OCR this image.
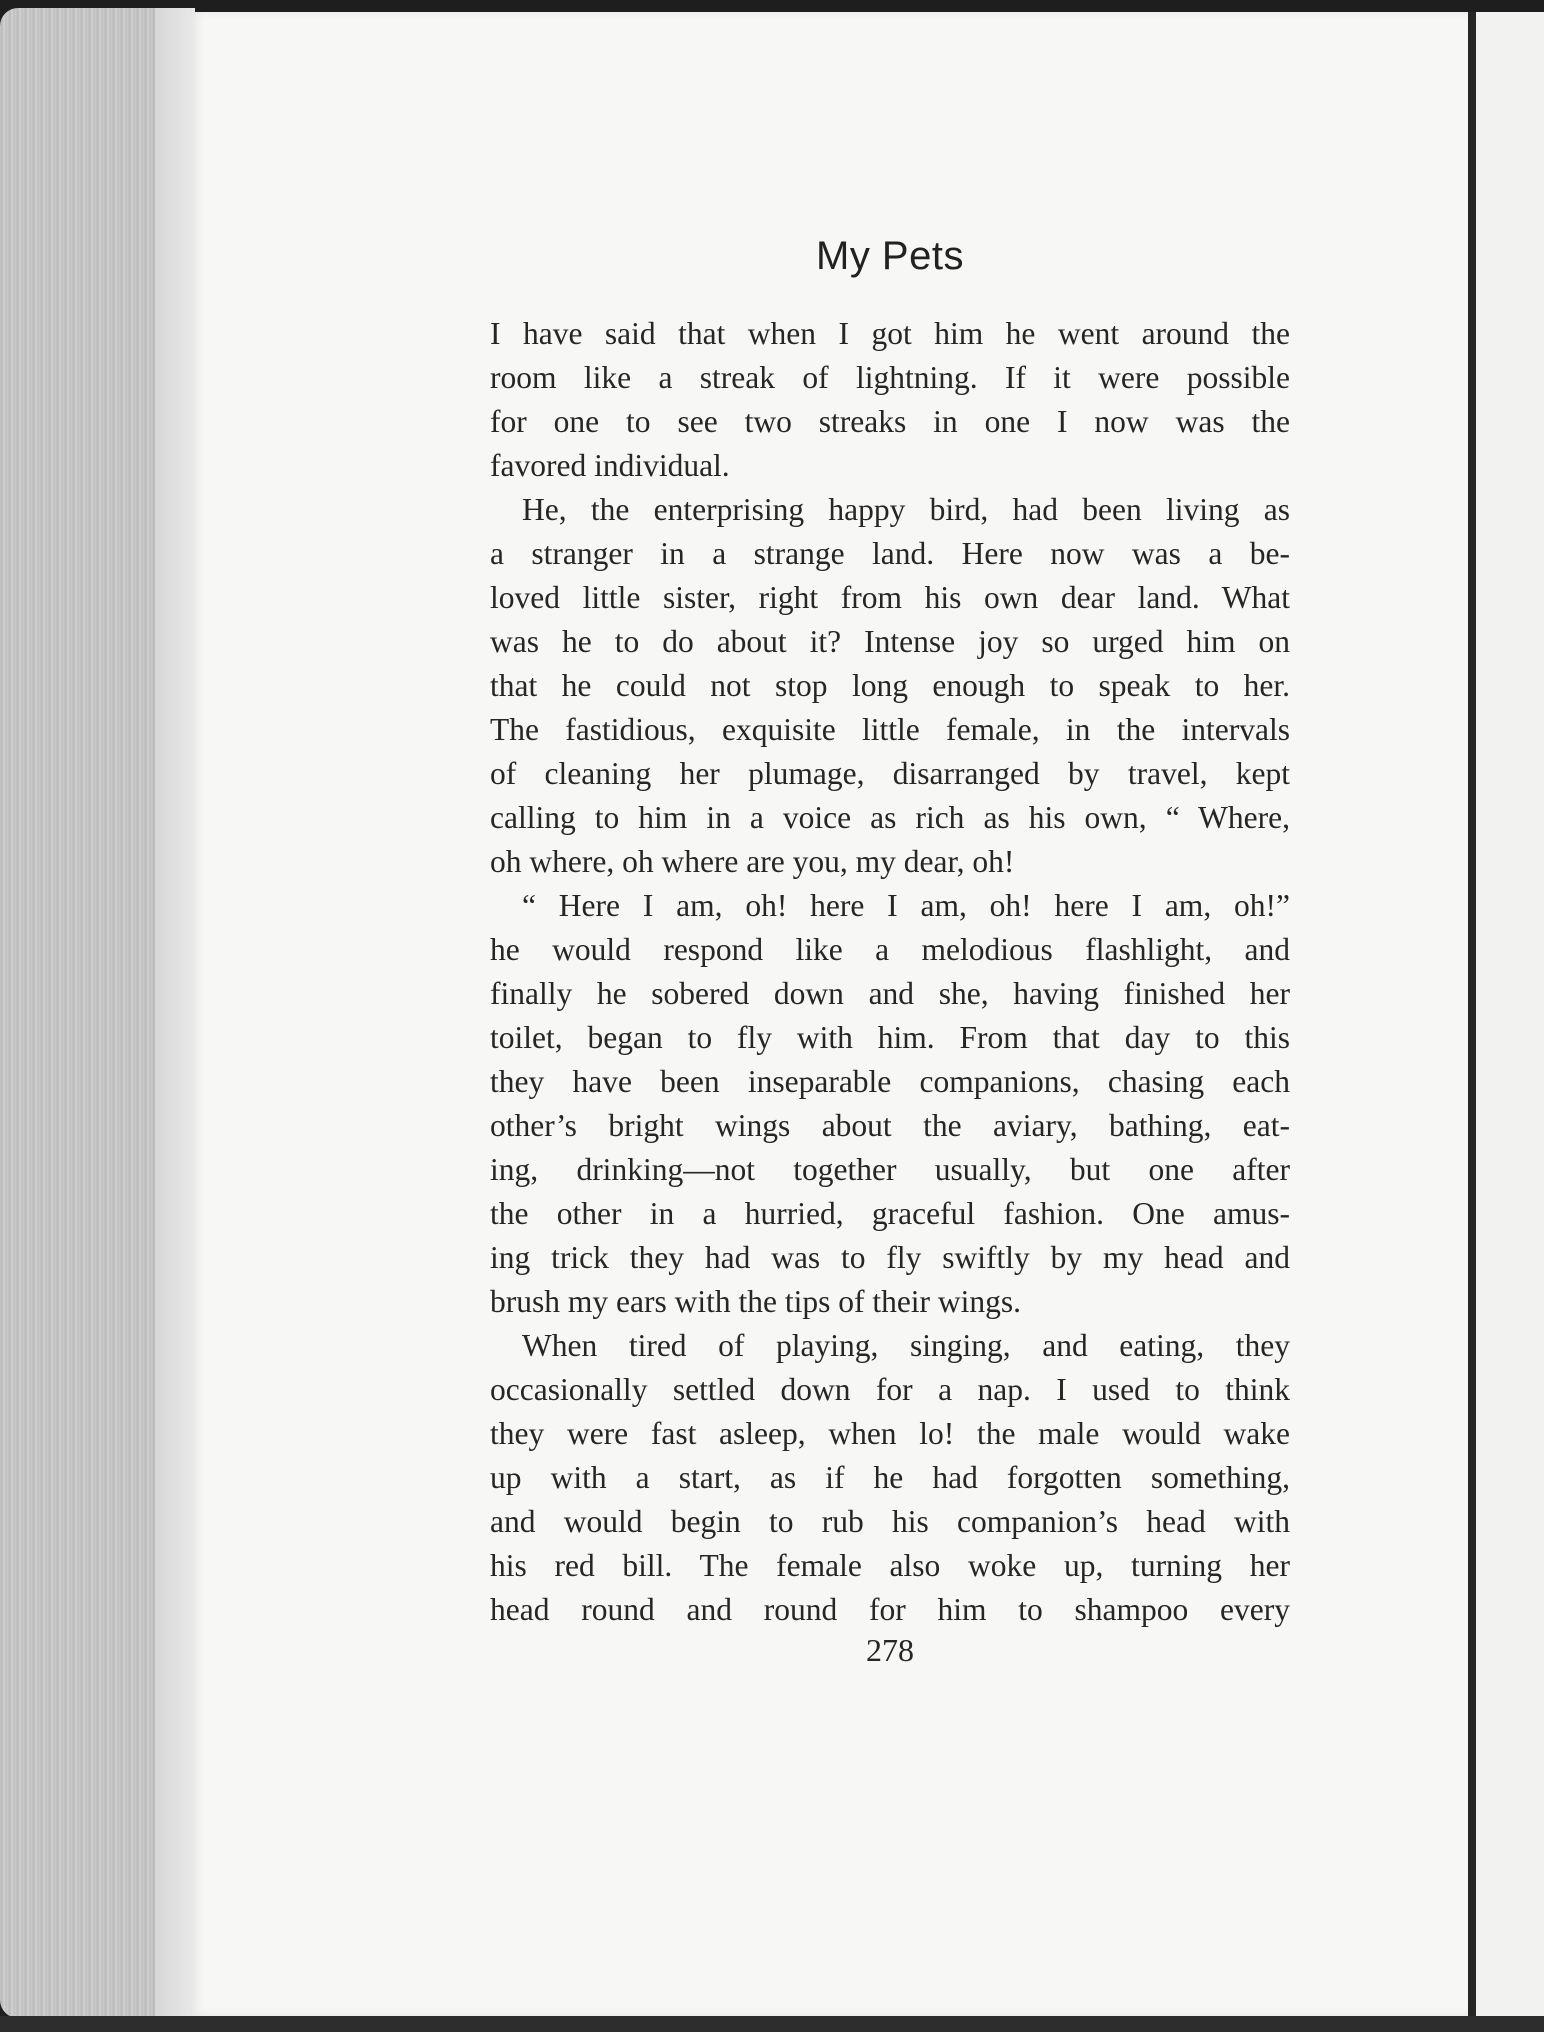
My Pets
I have said that when I got him he went around the
room like a streak of lightning. If it were possible
for one to see two streaks in one I now was the
favored individual.
He, the enterprising happy bird, had been living as
a stranger in a strange land. Here now was a be-
loved little sister, right from his own dear land. What
was he to do about it? Intense joy so urged him on
that he could not stop long enough to speak to her.
The fastidious, exquisite little female, in the intervals
of cleaning her plumage, disarranged by travel, kept
calling to him in a voice as rich as his own, “ Where,
oh where, oh where are you, my dear, oh!
“ Here I am, oh! here I am, oh! here I am, oh!”
he would respond like a melodious flashlight, and
finally he sobered down and she, having finished her
toilet, began to fly with him. From that day to this
they have been inseparable companions, chasing each
other’s bright wings about the aviary, bathing, eat-
ing, drinking—not together usually, but one after
the other in a hurried, graceful fashion. One amus-
ing trick they had was to fly swiftly by my head and
brush my ears with the tips of their wings.
When tired of playing, singing, and eating, they
occasionally settled down for a nap. I used to think
they were fast asleep, when lo! the male would wake
up with a start, as if he had forgotten something,
and would begin to rub his companion’s head with
his red bill. The female also woke up, turning her
head round and round for him to shampoo every
278
